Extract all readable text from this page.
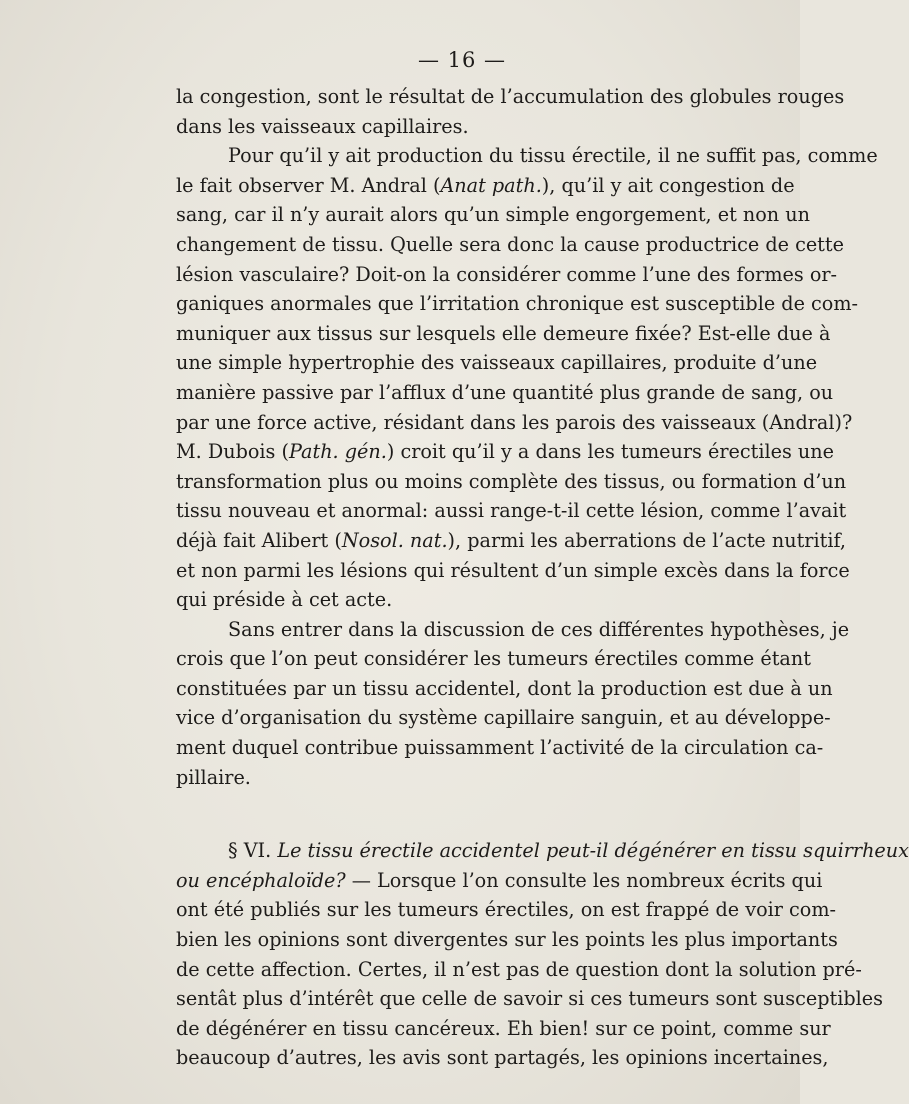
— 16 —
la congestion, sont le résultat de l’accumulation des globules rouges
dans les vaisseaux capillaires.
Pour qu’il y ait production du tissu érectile, il ne suffit pas, comme
le fait observer M. Andral (Anat path.), qu’il y ait congestion de
sang, car il n’y aurait alors qu’un simple engorgement, et non un
changement de tissu. Quelle sera donc la cause productrice de cette
lésion vasculaire? Doit-on la considérer comme l’une des formes or-
ganiques anormales que l’irritation chronique est susceptible de com-
muniquer aux tissus sur lesquels elle demeure fixée? Est-elle due à
une simple hypertrophie des vaisseaux capillaires, produite d’une
manière passive par l’afflux d’une quantité plus grande de sang, ou
par une force active, résidant dans les parois des vaisseaux (Andral)?
M. Dubois (Path. gén.) croit qu’il y a dans les tumeurs érectiles une
transformation plus ou moins complète des tissus, ou formation d’un
tissu nouveau et anormal: aussi range-t-il cette lésion, comme l’avait
déjà fait Alibert (Nosol. nat.), parmi les aberrations de l’acte nutritif,
et non parmi les lésions qui résultent d’un simple excès dans la force
qui préside à cet acte.
Sans entrer dans la discussion de ces différentes hypothèses, je
crois que l’on peut considérer les tumeurs érectiles comme étant
constituées par un tissu accidentel, dont la production est due à un
vice d’organisation du système capillaire sanguin, et au développe-
ment duquel contribue puissamment l’activité de la circulation ca-
pillaire.
§ VI. Le tissu érectile accidentel peut-il dégénérer en tissu squirrheux
ou encéphaloïde? — Lorsque l’on consulte les nombreux écrits qui
ont été publiés sur les tumeurs érectiles, on est frappé de voir com-
bien les opinions sont divergentes sur les points les plus importants
de cette affection. Certes, il n’est pas de question dont la solution pré-
sentât plus d’intérêt que celle de savoir si ces tumeurs sont susceptibles
de dégénérer en tissu cancéreux. Eh bien! sur ce point, comme sur
beaucoup d’autres, les avis sont partagés, les opinions incertaines,
